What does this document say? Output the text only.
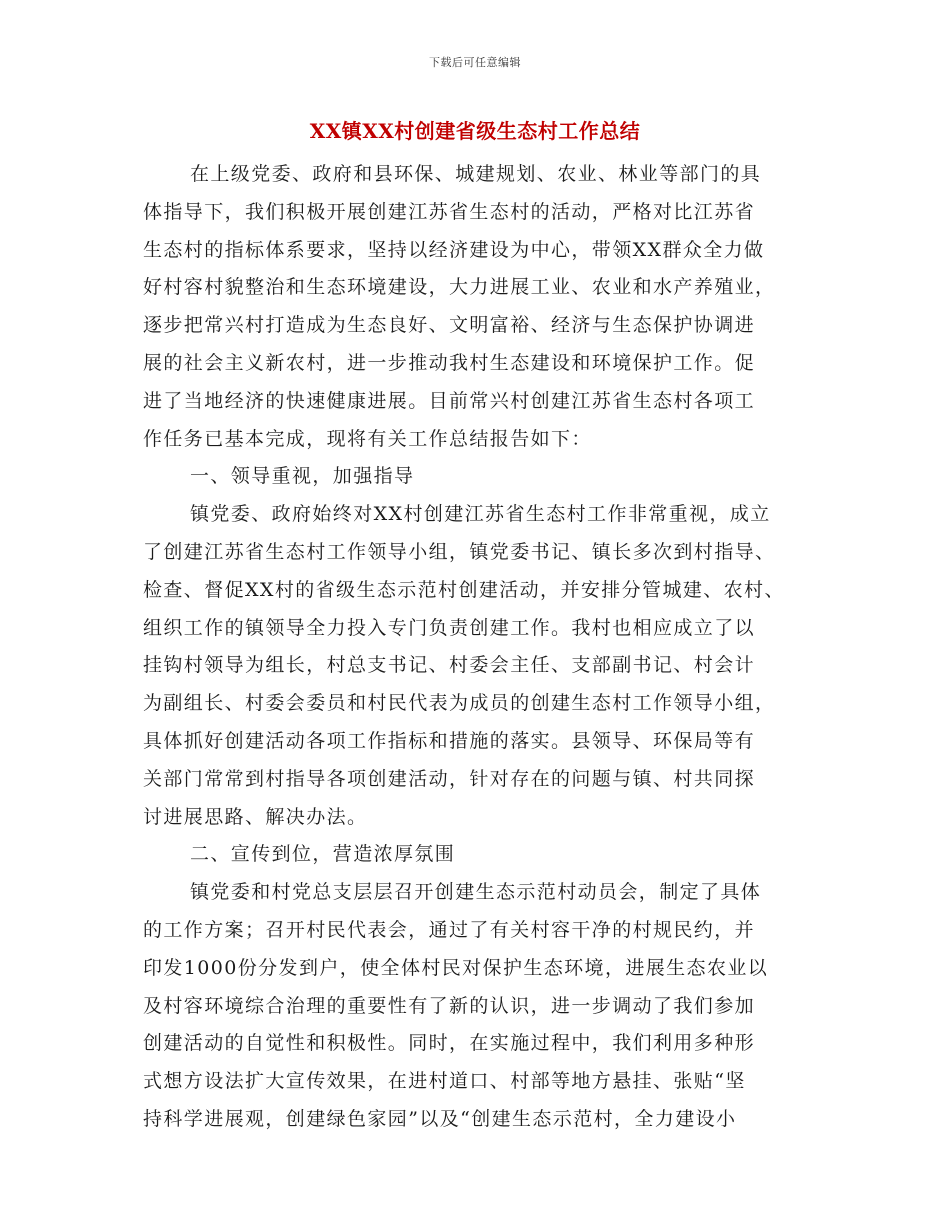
下载后可任意编辑
XX镇XX村创建省级生态村工作总结
在上级党委、政府和县环保、城建规划、农业、林业等部门的具
体指导下，我们积极开展创建江苏省生态村的活动，严格对比江苏省
生态村的指标体系要求，坚持以经济建设为中心，带领XX群众全力做
好村容村貌整治和生态环境建设，大力进展工业、农业和水产养殖业，
逐步把常兴村打造成为生态良好、文明富裕、经济与生态保护协调进
展的社会主义新农村，进一步推动我村生态建设和环境保护工作。促
进了当地经济的快速健康进展。目前常兴村创建江苏省生态村各项工
作任务已基本完成，现将有关工作总结报告如下：
一、领导重视，加强指导
镇党委、政府始终对XX村创建江苏省生态村工作非常重视，成立
了创建江苏省生态村工作领导小组，镇党委书记、镇长多次到村指导、
检查、督促XX村的省级生态示范村创建活动，并安排分管城建、农村、
组织工作的镇领导全力投入专门负责创建工作。我村也相应成立了以
挂钩村领导为组长，村总支书记、村委会主任、支部副书记、村会计
为副组长、村委会委员和村民代表为成员的创建生态村工作领导小组，
具体抓好创建活动各项工作指标和措施的落实。县领导、环保局等有
关部门常常到村指导各项创建活动，针对存在的问题与镇、村共同探
讨进展思路、解决办法。
二、宣传到位，营造浓厚氛围
镇党委和村党总支层层召开创建生态示范村动员会，制定了具体
的工作方案；召开村民代表会，通过了有关村容干净的村规民约，并
印发1000份分发到户，使全体村民对保护生态环境，进展生态农业以
及村容环境综合治理的重要性有了新的认识，进一步调动了我们参加
创建活动的自觉性和积极性。同时，在实施过程中，我们利用多种形
式想方设法扩大宣传效果，在进村道口、村部等地方悬挂、张贴“坚
持科学进展观，创建绿色家园”以及“创建生态示范村，全力建设小
